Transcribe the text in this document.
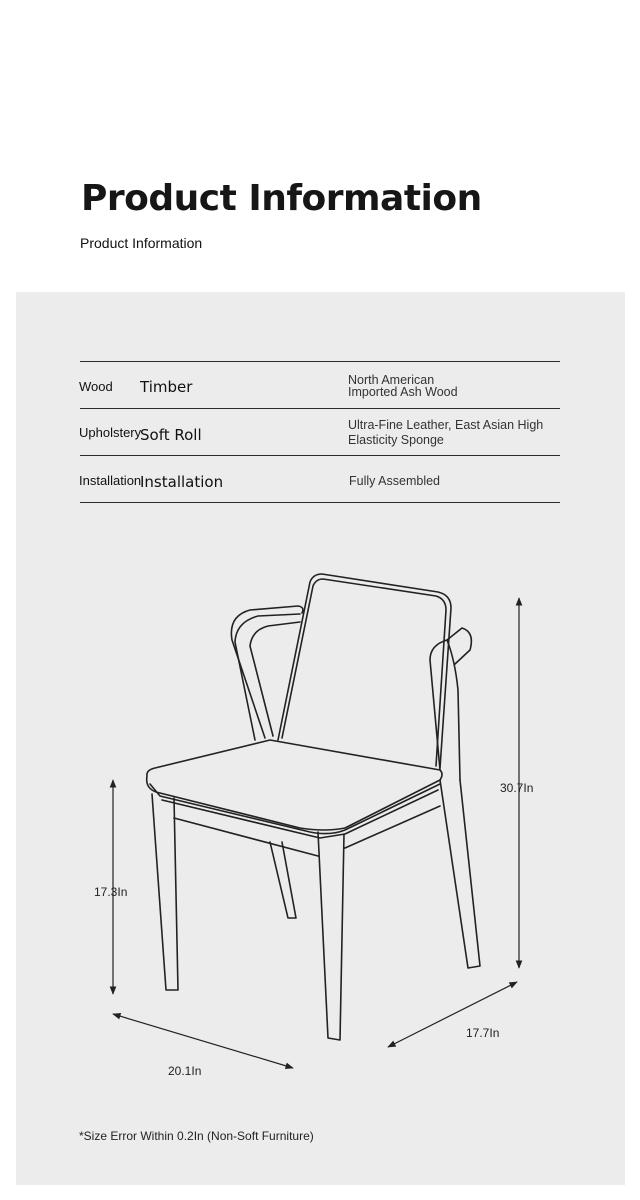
Product Information

Product Information

Wood Timber	North American Imported Ash Wood
Upholstery
Soft Roll
Ultra-Fine Leather, East Asian High Elasticity Sponge
Installation
Installation	Fully Assembled
*Size Error Within 0.2In (Non-Soft Furniture)
30.7In
17.3In
20.1In
17.7In
